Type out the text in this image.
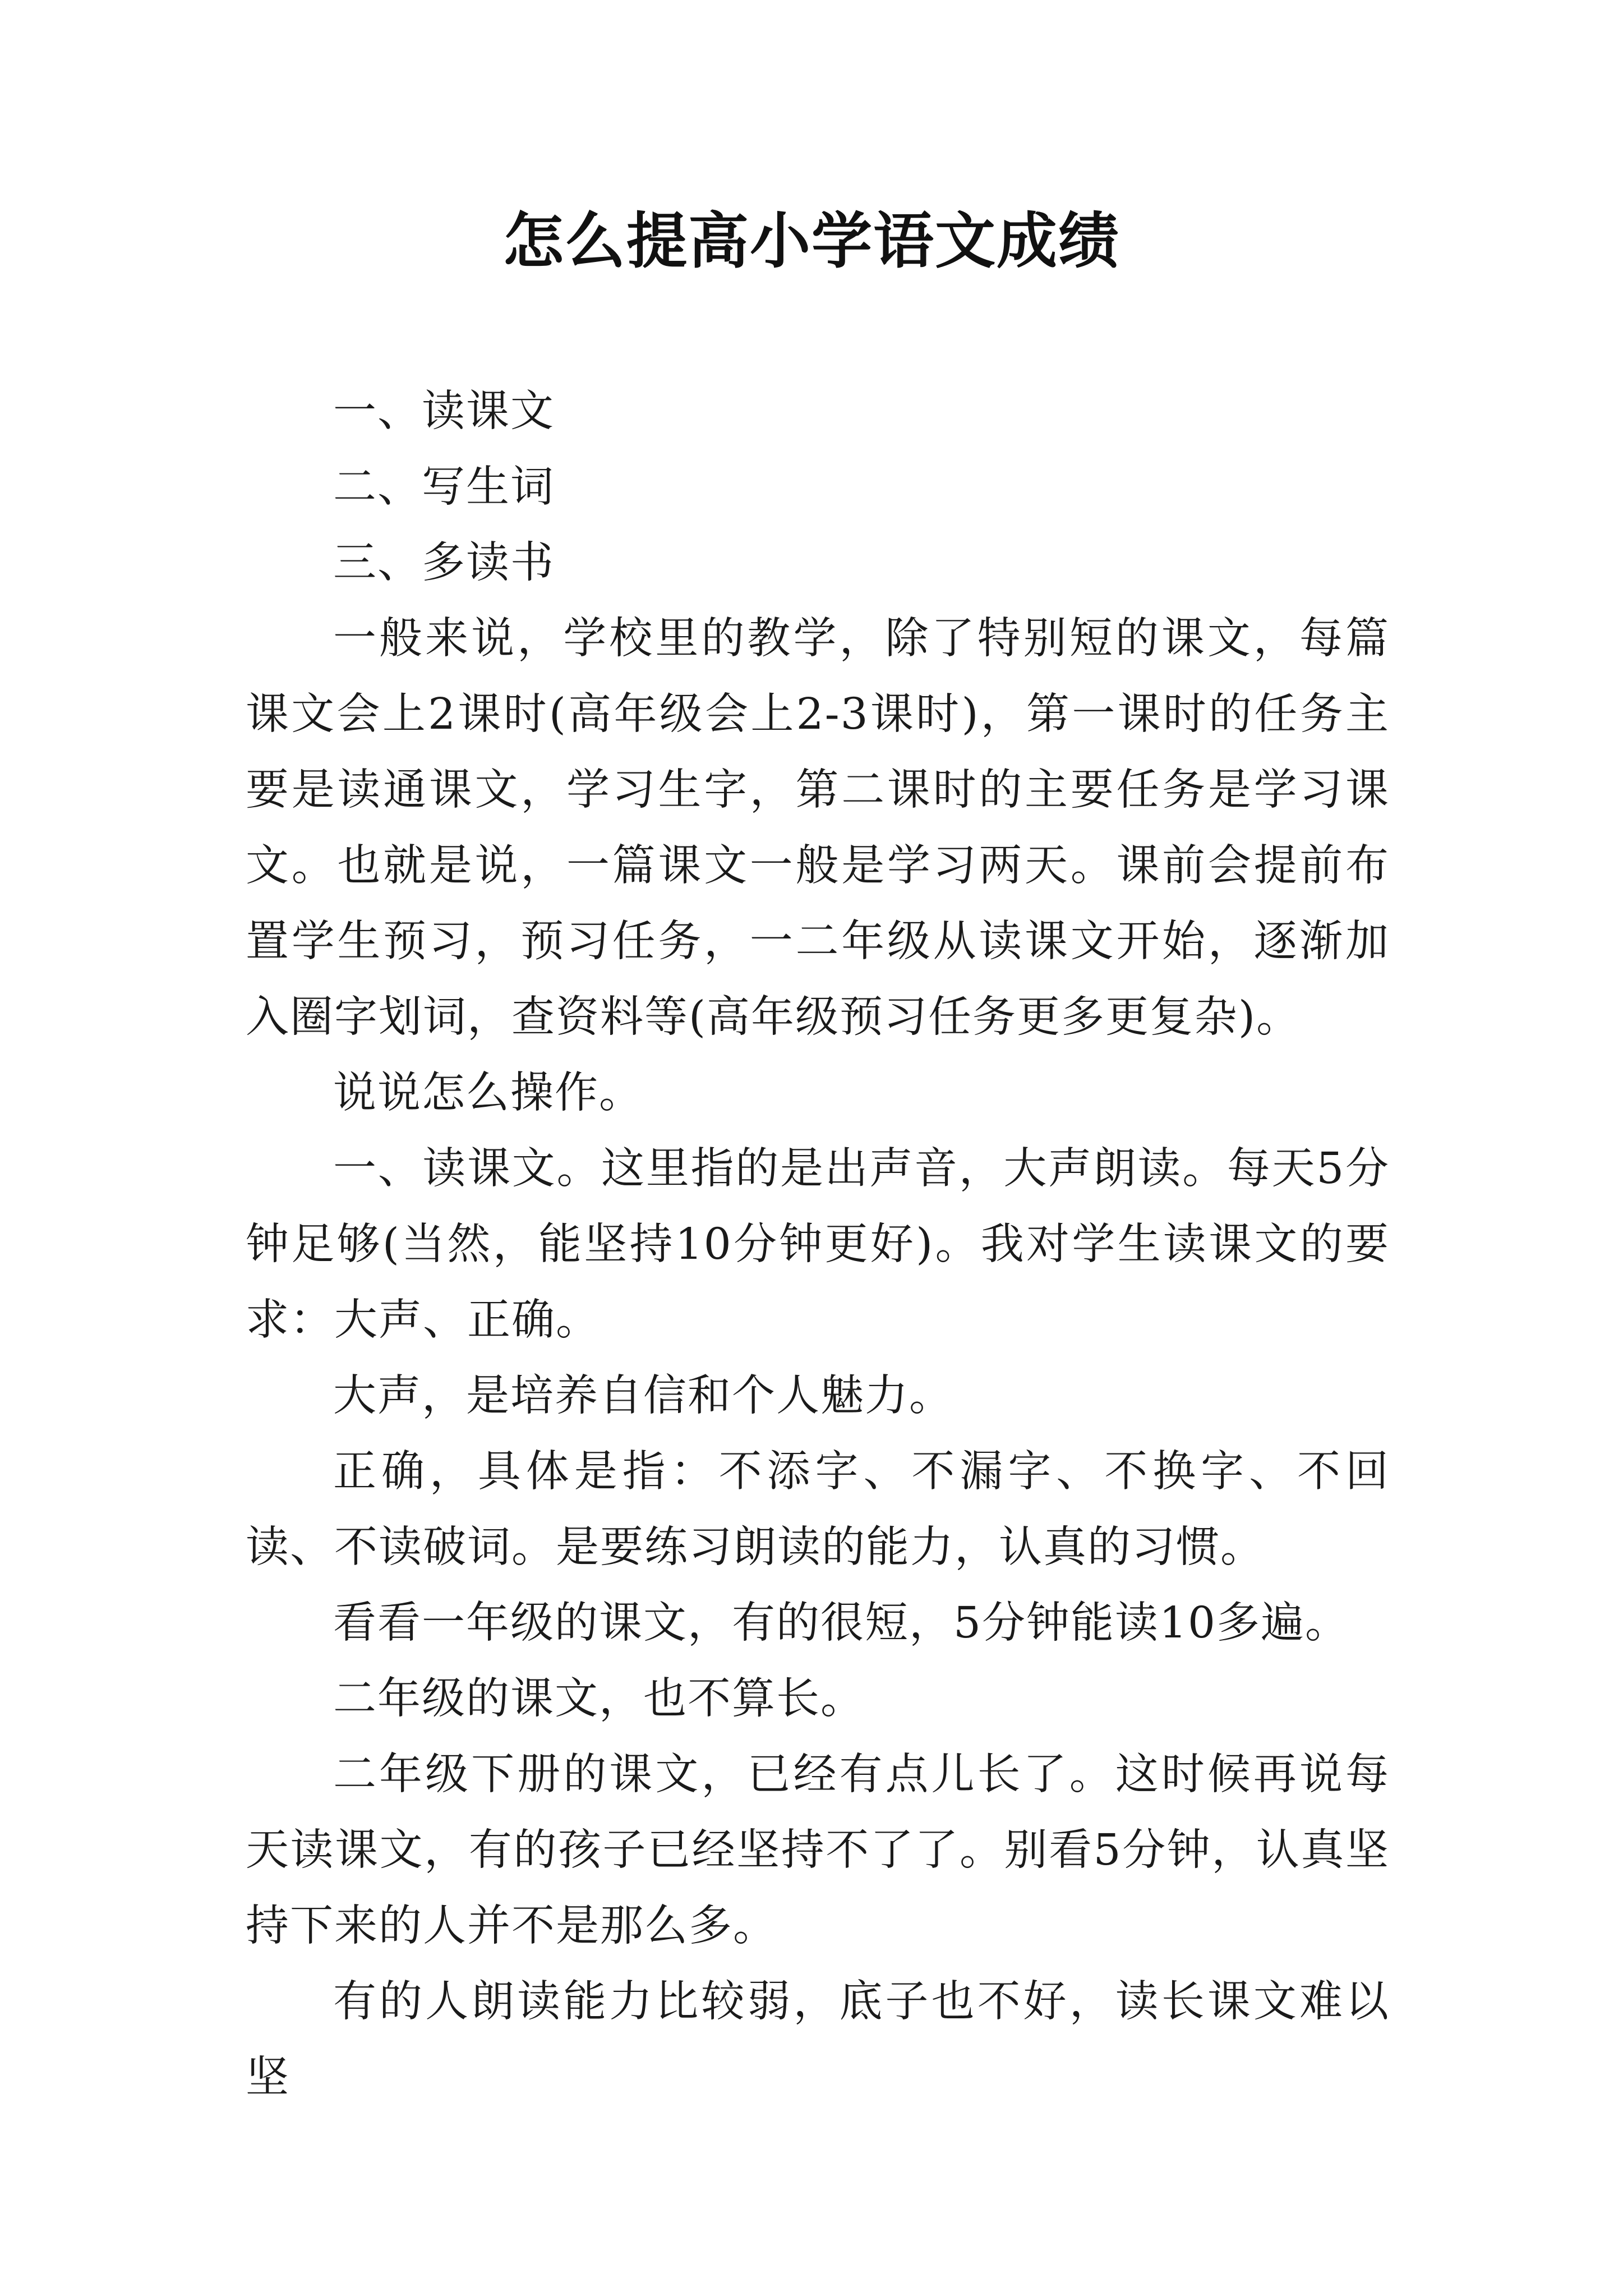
怎么提高小学语文成绩

一、读课文

二、写生词

三、多读书

一般来说，学校里的教学，除了特别短的课文，每篇课文会上2课时(高年级会上2-3课时)，第一课时的任务主要是读通课文，学习生字，第二课时的主要任务是学习课文。也就是说，一篇课文一般是学习两天。课前会提前布置学生预习，预习任务，一二年级从读课文开始，逐渐加入圈字划词，查资料等(高年级预习任务更多更复杂)。

说说怎么操作。

一、读课文。这里指的是出声音，大声朗读。每天5分钟足够(当然，能坚持10分钟更好)。我对学生读课文的要求：大声、正确。

大声，是培养自信和个人魅力。

正确，具体是指：不添字、不漏字、不换字、不回读、不读破词。是要练习朗读的能力，认真的习惯。

看看一年级的课文，有的很短，5分钟能读10多遍。

二年级的课文，也不算长。

二年级下册的课文，已经有点儿长了。这时候再说每天读课文，有的孩子已经坚持不了了。别看5分钟，认真坚持下来的人并不是那么多。

有的人朗读能力比较弱，底子也不好，读长课文难以坚
